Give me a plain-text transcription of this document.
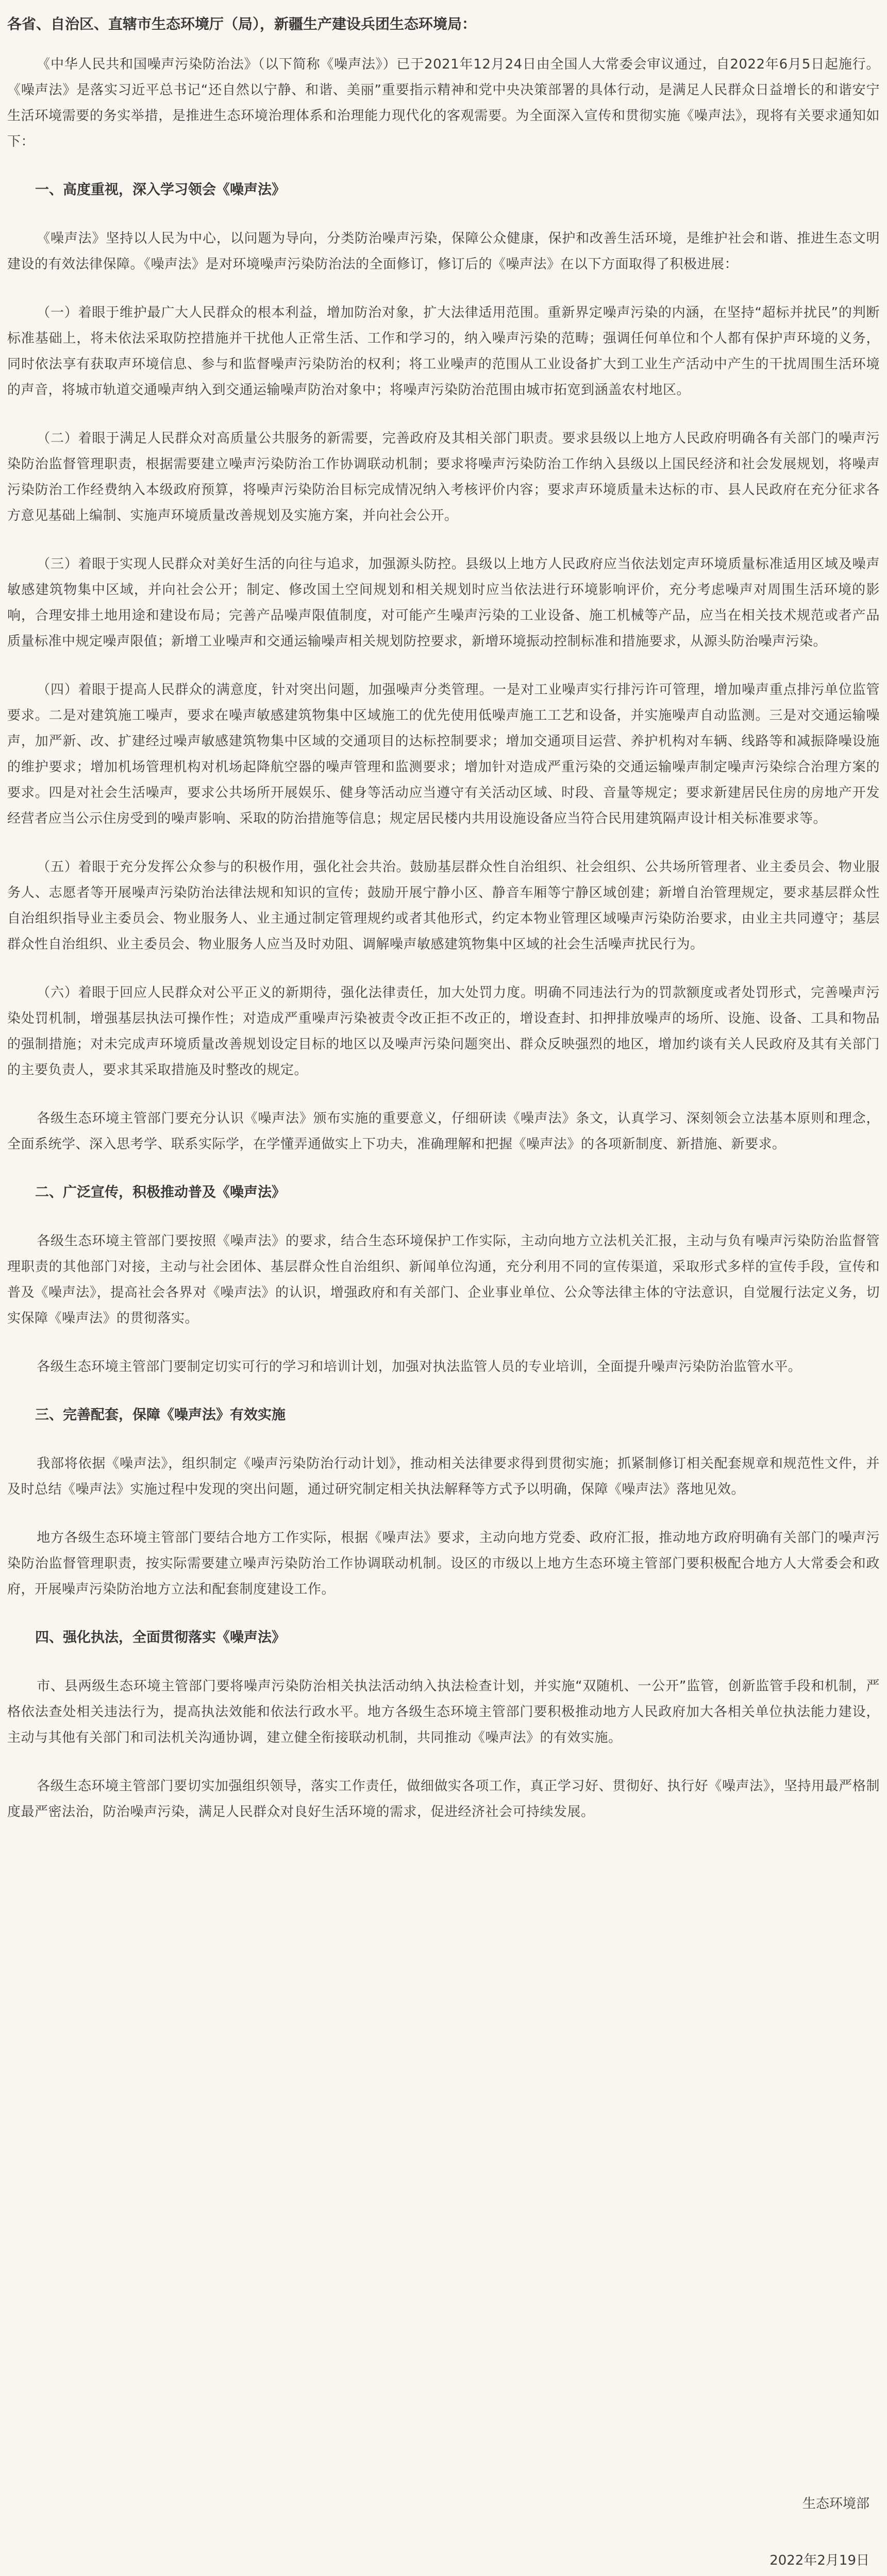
各省、自治区、直辖市生态环境厅（局），新疆生产建设兵团生态环境局：

《中华人民共和国噪声污染防治法》（以下简称《噪声法》）已于2021年12月24日由全国人大常委会审议通过，自2022年6月5日起施行。《噪声法》是落实习近平总书记“还自然以宁静、和谐、美丽”重要指示精神和党中央决策部署的具体行动，是满足人民群众日益增长的和谐安宁生活环境需要的务实举措，是推进生态环境治理体系和治理能力现代化的客观需要。为全面深入宣传和贯彻实施《噪声法》，现将有关要求通知如下：

一、高度重视，深入学习领会《噪声法》

《噪声法》坚持以人民为中心，以问题为导向，分类防治噪声污染，保障公众健康，保护和改善生活环境，是维护社会和谐、推进生态文明建设的有效法律保障。《噪声法》是对环境噪声污染防治法的全面修订，修订后的《噪声法》在以下方面取得了积极进展：

（一）着眼于维护最广大人民群众的根本利益，增加防治对象，扩大法律适用范围。重新界定噪声污染的内涵，在坚持“超标并扰民”的判断标准基础上，将未依法采取防控措施并干扰他人正常生活、工作和学习的，纳入噪声污染的范畴；强调任何单位和个人都有保护声环境的义务，同时依法享有获取声环境信息、参与和监督噪声污染防治的权利；将工业噪声的范围从工业设备扩大到工业生产活动中产生的干扰周围生活环境的声音，将城市轨道交通噪声纳入到交通运输噪声防治对象中；将噪声污染防治范围由城市拓宽到涵盖农村地区。

（二）着眼于满足人民群众对高质量公共服务的新需要，完善政府及其相关部门职责。要求县级以上地方人民政府明确各有关部门的噪声污染防治监督管理职责，根据需要建立噪声污染防治工作协调联动机制；要求将噪声污染防治工作纳入县级以上国民经济和社会发展规划，将噪声污染防治工作经费纳入本级政府预算，将噪声污染防治目标完成情况纳入考核评价内容；要求声环境质量未达标的市、县人民政府在充分征求各方意见基础上编制、实施声环境质量改善规划及实施方案，并向社会公开。

（三）着眼于实现人民群众对美好生活的向往与追求，加强源头防控。县级以上地方人民政府应当依法划定声环境质量标准适用区域及噪声敏感建筑物集中区域，并向社会公开；制定、修改国土空间规划和相关规划时应当依法进行环境影响评价，充分考虑噪声对周围生活环境的影响，合理安排土地用途和建设布局；完善产品噪声限值制度，对可能产生噪声污染的工业设备、施工机械等产品，应当在相关技术规范或者产品质量标准中规定噪声限值；新增工业噪声和交通运输噪声相关规划防控要求，新增环境振动控制标准和措施要求，从源头防治噪声污染。

（四）着眼于提高人民群众的满意度，针对突出问题，加强噪声分类管理。一是对工业噪声实行排污许可管理，增加噪声重点排污单位监管要求。二是对建筑施工噪声，要求在噪声敏感建筑物集中区域施工的优先使用低噪声施工工艺和设备，并实施噪声自动监测。三是对交通运输噪声，加严新、改、扩建经过噪声敏感建筑物集中区域的交通项目的达标控制要求；增加交通项目运营、养护机构对车辆、线路等和减振降噪设施的维护要求；增加机场管理机构对机场起降航空器的噪声管理和监测要求；增加针对造成严重污染的交通运输噪声制定噪声污染综合治理方案的要求。四是对社会生活噪声，要求公共场所开展娱乐、健身等活动应当遵守有关活动区域、时段、音量等规定；要求新建居民住房的房地产开发经营者应当公示住房受到的噪声影响、采取的防治措施等信息；规定居民楼内共用设施设备应当符合民用建筑隔声设计相关标准要求等。

（五）着眼于充分发挥公众参与的积极作用，强化社会共治。鼓励基层群众性自治组织、社会组织、公共场所管理者、业主委员会、物业服务人、志愿者等开展噪声污染防治法律法规和知识的宣传；鼓励开展宁静小区、静音车厢等宁静区域创建；新增自治管理规定，要求基层群众性自治组织指导业主委员会、物业服务人、业主通过制定管理规约或者其他形式，约定本物业管理区域噪声污染防治要求，由业主共同遵守；基层群众性自治组织、业主委员会、物业服务人应当及时劝阻、调解噪声敏感建筑物集中区域的社会生活噪声扰民行为。

（六）着眼于回应人民群众对公平正义的新期待，强化法律责任，加大处罚力度。明确不同违法行为的罚款额度或者处罚形式，完善噪声污染处罚机制，增强基层执法可操作性；对造成严重噪声污染被责令改正拒不改正的，增设查封、扣押排放噪声的场所、设施、设备、工具和物品的强制措施；对未完成声环境质量改善规划设定目标的地区以及噪声污染问题突出、群众反映强烈的地区，增加约谈有关人民政府及其有关部门的主要负责人，要求其采取措施及时整改的规定。

各级生态环境主管部门要充分认识《噪声法》颁布实施的重要意义，仔细研读《噪声法》条文，认真学习、深刻领会立法基本原则和理念，全面系统学、深入思考学、联系实际学，在学懂弄通做实上下功夫，准确理解和把握《噪声法》的各项新制度、新措施、新要求。

二、广泛宣传，积极推动普及《噪声法》

各级生态环境主管部门要按照《噪声法》的要求，结合生态环境保护工作实际，主动向地方立法机关汇报，主动与负有噪声污染防治监督管理职责的其他部门对接，主动与社会团体、基层群众性自治组织、新闻单位沟通，充分利用不同的宣传渠道，采取形式多样的宣传手段，宣传和普及《噪声法》，提高社会各界对《噪声法》的认识，增强政府和有关部门、企业事业单位、公众等法律主体的守法意识，自觉履行法定义务，切实保障《噪声法》的贯彻落实。

各级生态环境主管部门要制定切实可行的学习和培训计划，加强对执法监管人员的专业培训，全面提升噪声污染防治监管水平。

三、完善配套，保障《噪声法》有效实施

我部将依据《噪声法》，组织制定《噪声污染防治行动计划》，推动相关法律要求得到贯彻实施；抓紧制修订相关配套规章和规范性文件，并及时总结《噪声法》实施过程中发现的突出问题，通过研究制定相关执法解释等方式予以明确，保障《噪声法》落地见效。

地方各级生态环境主管部门要结合地方工作实际，根据《噪声法》要求，主动向地方党委、政府汇报，推动地方政府明确有关部门的噪声污染防治监督管理职责，按实际需要建立噪声污染防治工作协调联动机制。设区的市级以上地方生态环境主管部门要积极配合地方人大常委会和政府，开展噪声污染防治地方立法和配套制度建设工作。

四、强化执法，全面贯彻落实《噪声法》

市、县两级生态环境主管部门要将噪声污染防治相关执法活动纳入执法检查计划，并实施“双随机、一公开”监管，创新监管手段和机制，严格依法查处相关违法行为，提高执法效能和依法行政水平。地方各级生态环境主管部门要积极推动地方人民政府加大各相关单位执法能力建设，主动与其他有关部门和司法机关沟通协调，建立健全衔接联动机制，共同推动《噪声法》的有效实施。

各级生态环境主管部门要切实加强组织领导，落实工作责任，做细做实各项工作，真正学习好、贯彻好、执行好《噪声法》，坚持用最严格制度最严密法治，防治噪声污染，满足人民群众对良好生活环境的需求，促进经济社会可持续发展。

生态环境部
2022年2月19日
